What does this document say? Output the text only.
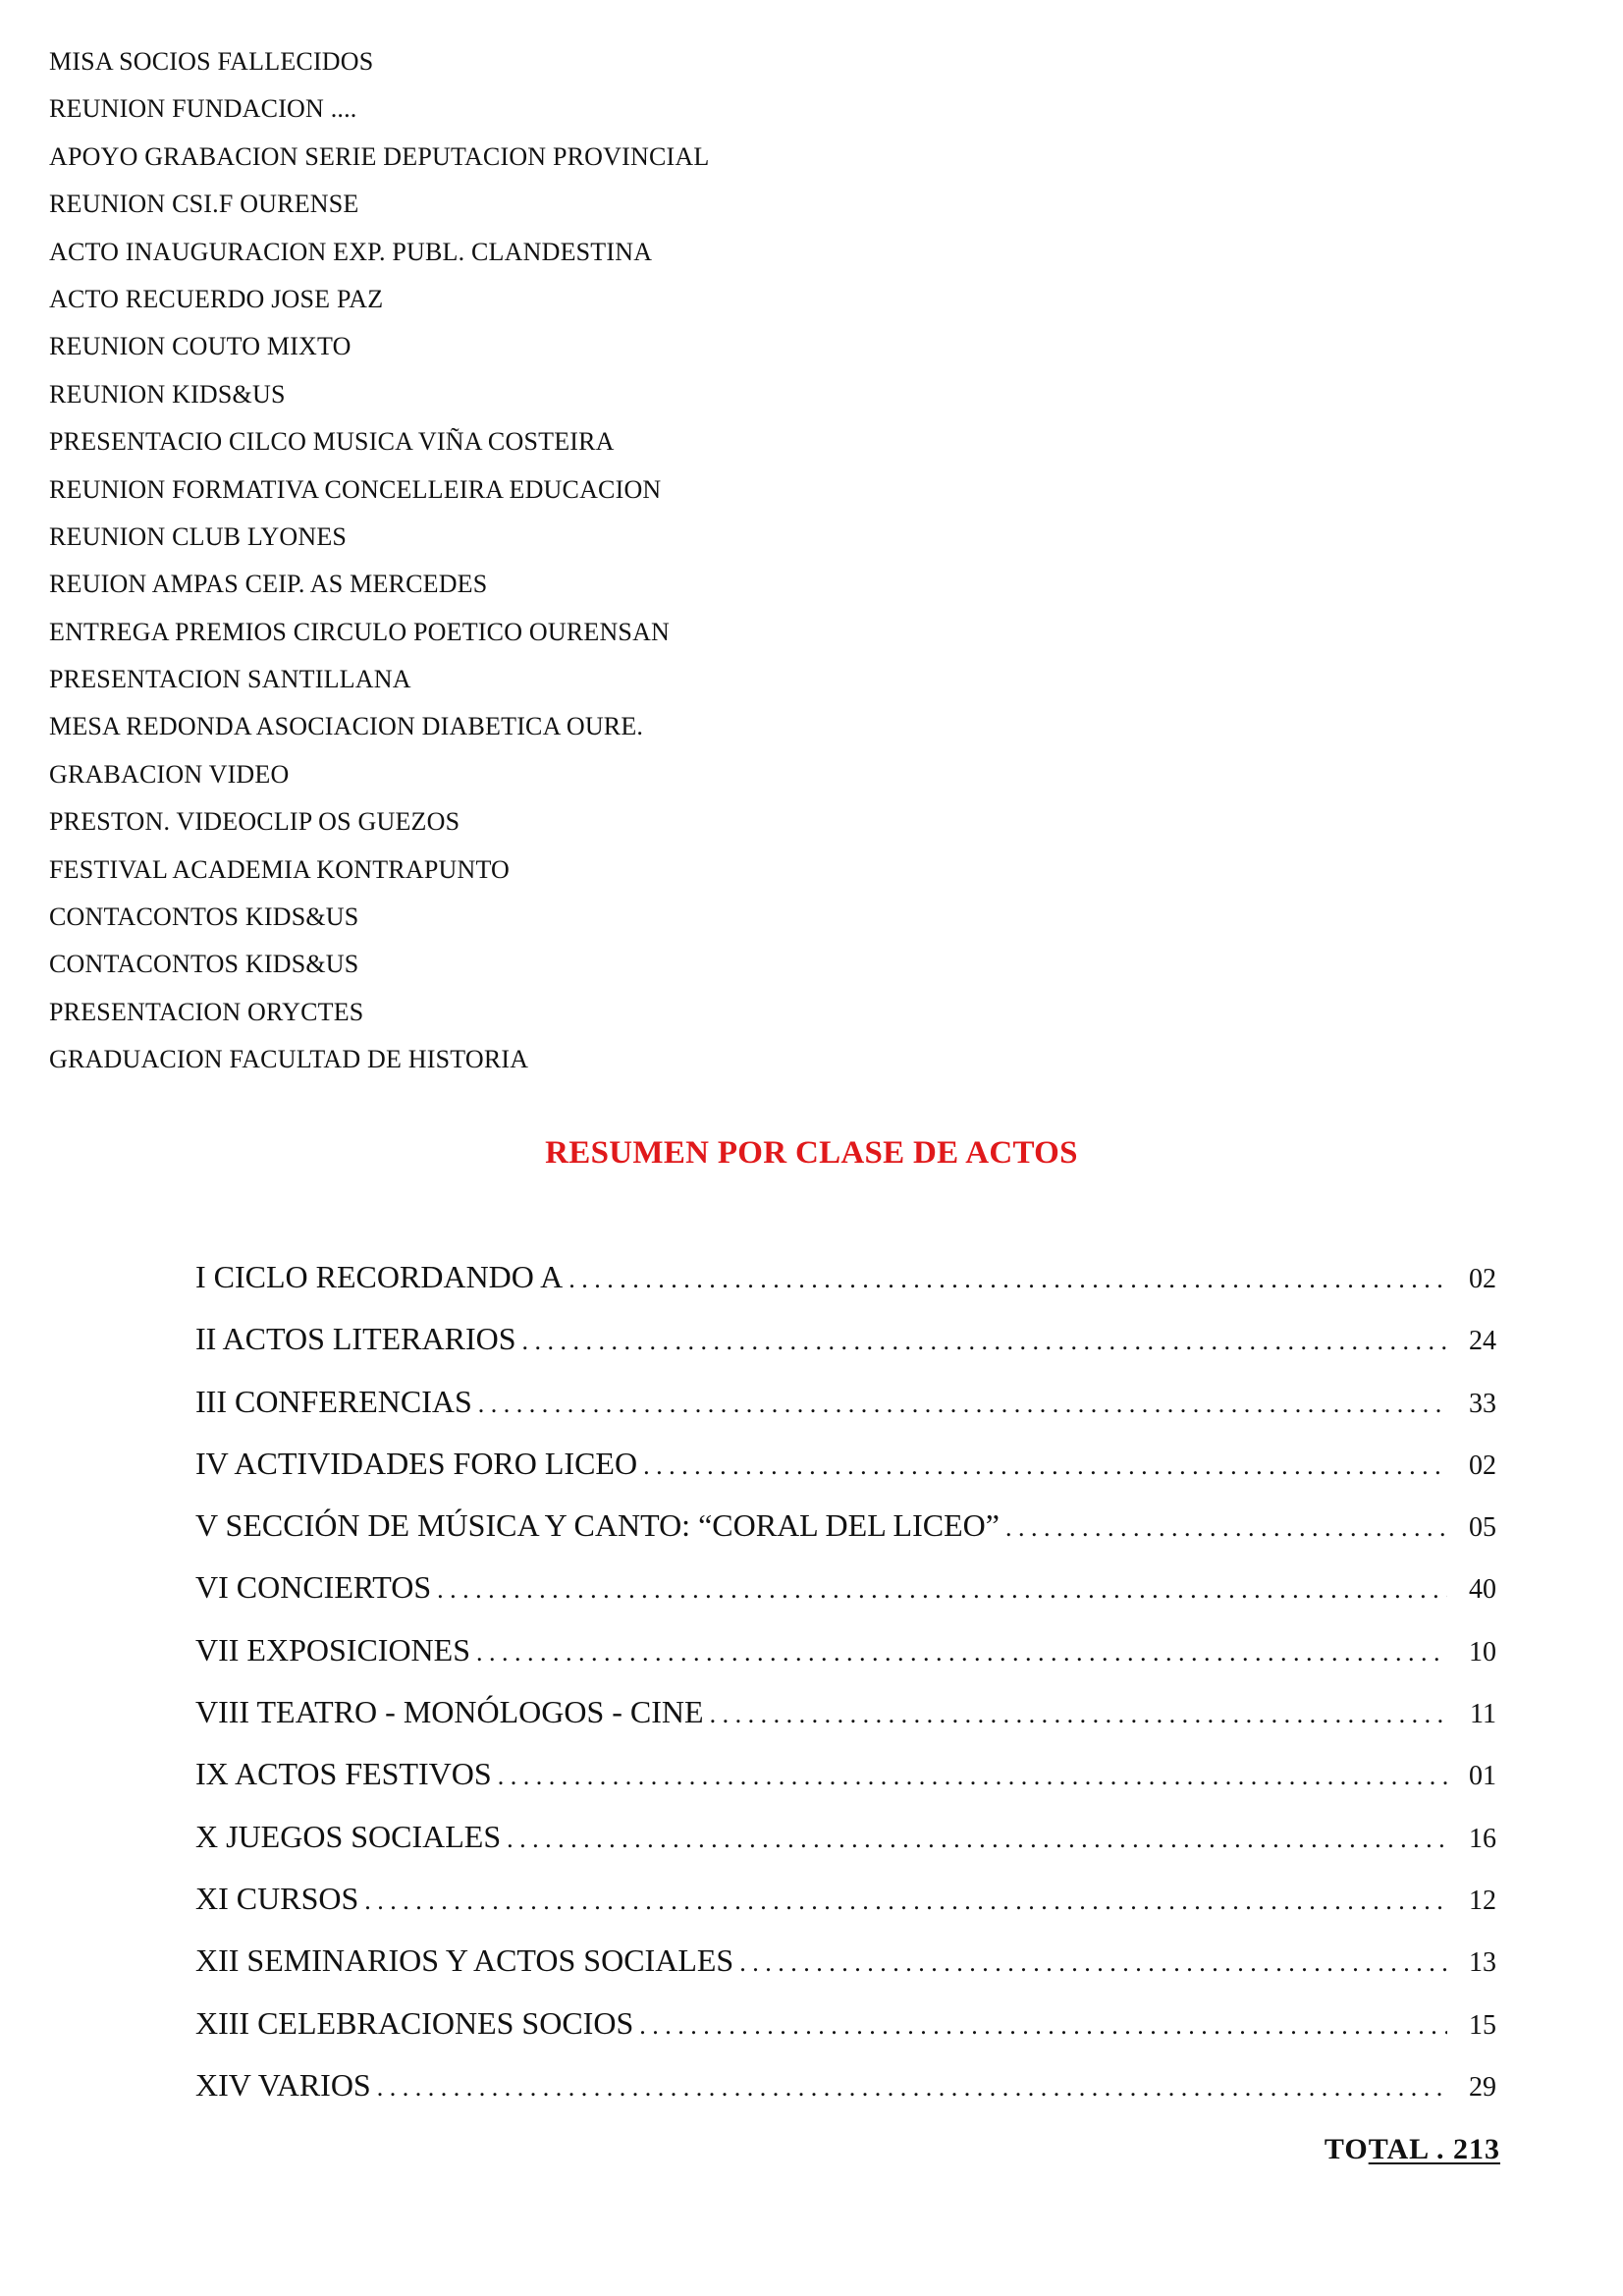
MISA SOCIOS FALLECIDOS
REUNION FUNDACION ....
APOYO GRABACION SERIE DEPUTACION PROVINCIAL
REUNION CSI.F OURENSE
ACTO INAUGURACION EXP. PUBL. CLANDESTINA
ACTO RECUERDO JOSE PAZ
REUNION COUTO MIXTO
REUNION KIDS&US
PRESENTACIO CILCO MUSICA VIÑA COSTEIRA
REUNION FORMATIVA CONCELLEIRA EDUCACION
REUNION CLUB LYONES
REUION AMPAS CEIP. AS MERCEDES
ENTREGA PREMIOS CIRCULO POETICO OURENSAN
PRESENTACION SANTILLANA
MESA REDONDA ASOCIACION DIABETICA OURE.
GRABACION VIDEO
PRESTON. VIDEOCLIP OS GUEZOS
FESTIVAL ACADEMIA KONTRAPUNTO
CONTACONTOS KIDS&US
CONTACONTOS KIDS&US
PRESENTACION ORYCTES
GRADUACION FACULTAD DE HISTORIA
RESUMEN POR CLASE DE ACTOS
I CICLO RECORDANDO A . . .	02
II ACTOS LITERARIOS . . .	24
III CONFERENCIAS . . .	33
IV ACTIVIDADES FORO LICEO . . .	02
V SECCIÓN DE MÚSICA Y CANTO: “CORAL DEL LICEO” . . .	05
VI CONCIERTOS . . .	40
VII EXPOSICIONES . . .	10
VIII TEATRO - MONÓLOGOS - CINE . . .	11
IX ACTOS FESTIVOS . . .	01
X JUEGOS SOCIALES . . .	16
XI CURSOS . . .	12
XII SEMINARIOS Y ACTOS SOCIALES . . .	13
XIII CELEBRACIONES SOCIOS . . .	15
XIV VARIOS . . .	29
TOTAL . 213
